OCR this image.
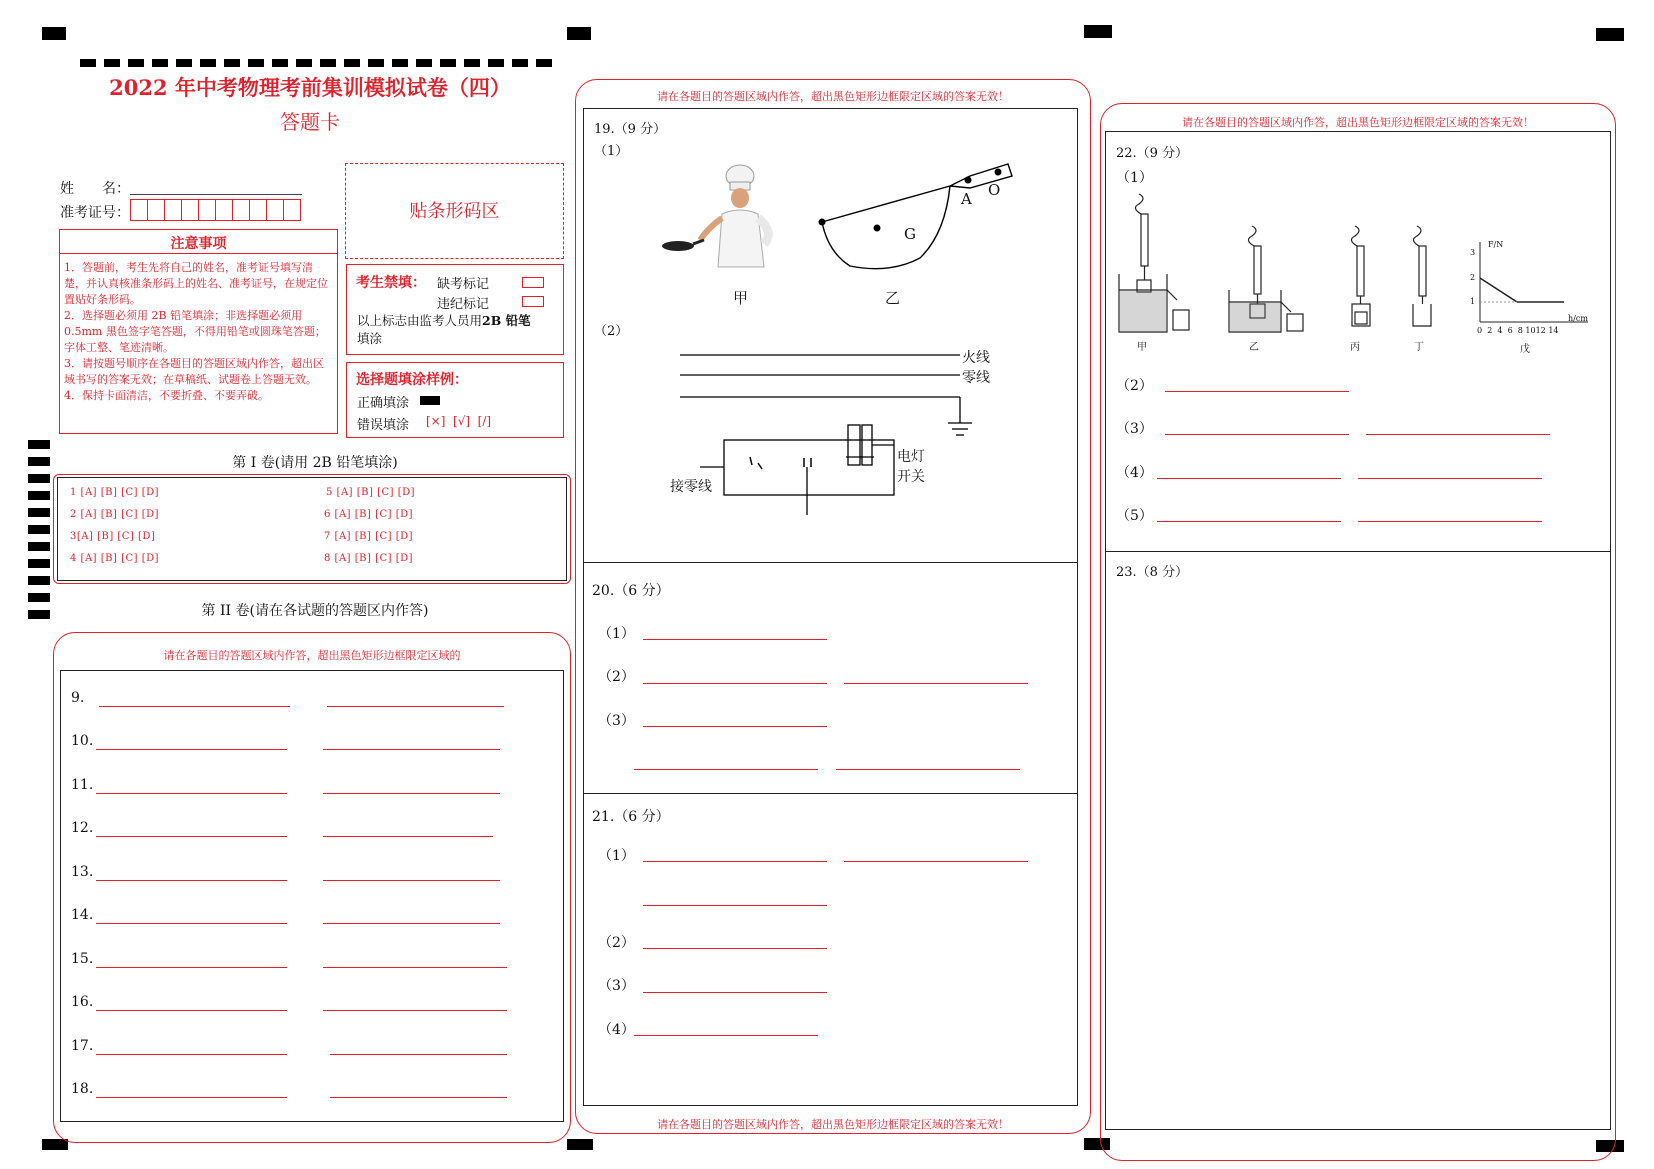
2022 年中考物理考前集训模拟试卷（四）
答题卡
姓　　名：
准考证号：	贴条形码区
注意事项
1．答题前，考生先将自己的姓名，准考证号填写清楚，并认真核准条形码上的姓名、准考证号，在规定位置贴好条形码。
2．选择题必须用 2B 铅笔填涂；非选择题必须用 0.5mm 黑色签字笔答题，不得用铅笔或圆珠笔答题；字体工整、笔迹清晰。
3．请按题号顺序在各题目的答题区域内作答，超出区域书写的答案无效；在草稿纸、试题卷上答题无效。
4．保持卡面清洁，不要折叠、不要弄破。
考生禁填： 缺考标记
违纪标记
以上标志由监考人员用2B 铅笔
填涂
选择题填涂样例：
正确填涂
错误填涂 [×]  [√]  [/]
第 I 卷(请用 2B 铅笔填涂)
1 [A] [B] [C] [D]
2 [A] [B] [C] [D]
3[A] [B] [C] [D]
4 [A] [B] [C] [D]
5 [A] [B] [C] [D]
6 [A] [B] [C] [D]
7 [A] [B] [C] [D]
8 [A] [B] [C] [D]
第 II 卷(请在各试题的答题区内作答)
请在各题目的答题区域内作答，超出黑色矩形边框限定区域的
9.
10.
11.
12.
13.
14.
15.
16.
17.
18.
请在各题目的答题区域内作答，超出黑色矩形边框限定区域的答案无效！
请在各题目的答题区域内作答，超出黑色矩形边框限定区域的答案无效！
19.（9 分）
（1）
A O
G
甲	乙
（2）
火线
零线
接零线
电灯
开关
20.（6 分）
（1）
（2）
（3）
21.（6 分）
（1）
（2）
（3）
（4）
请在各题目的答题区域内作答，超出黑色矩形边框限定区域的答案无效！
22.（9 分）
（1）
F/N
h/cm
3
2
1
0 2 4 6 8 1012 14
甲	乙	丙	丁	戊
（2）
（3）
（4）
（5）
23.（8 分）
